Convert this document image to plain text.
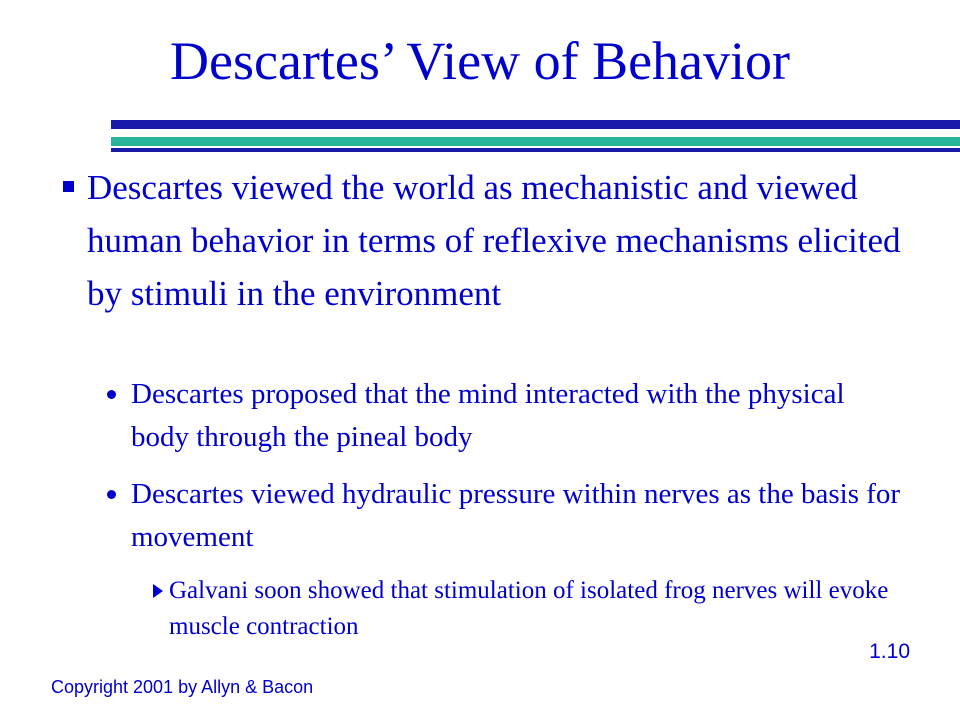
Descartes’ View of Behavior
Descartes viewed the world as mechanistic and viewed human behavior in terms of reflexive mechanisms elicited by stimuli in the environment
Descartes proposed that the mind interacted with the physical body through the pineal body
Descartes viewed hydraulic pressure within nerves as the basis for movement
Galvani soon showed that stimulation of isolated frog nerves will evoke muscle contraction
1.10
Copyright 2001 by Allyn & Bacon
